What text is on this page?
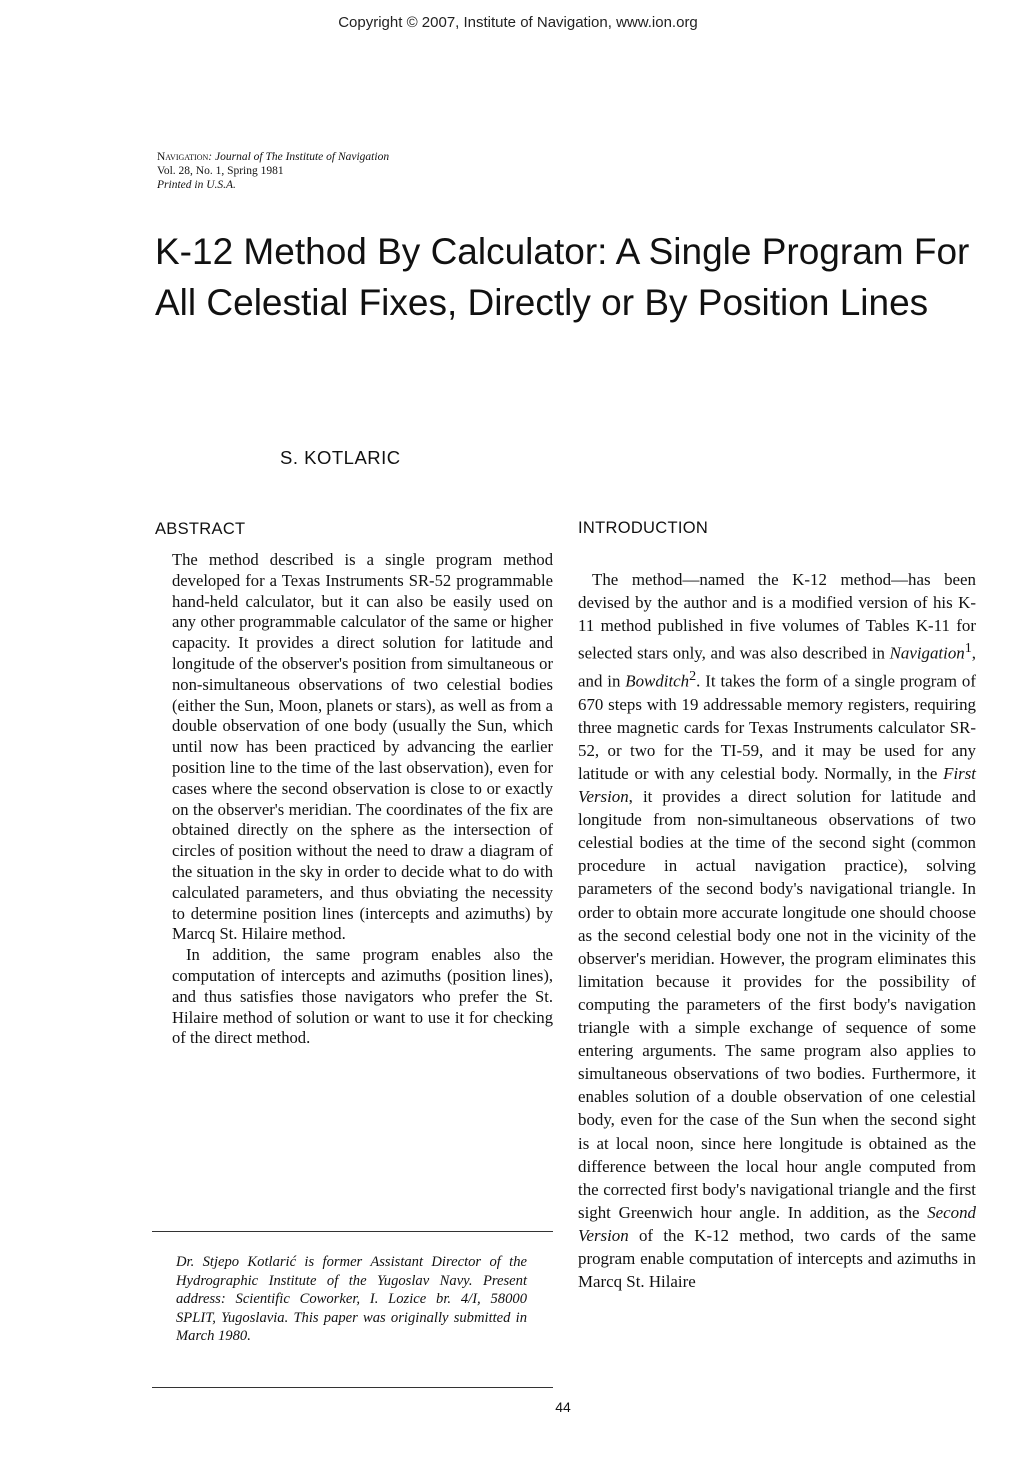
Copyright © 2007, Institute of Navigation, www.ion.org
Navigation: Journal of The Institute of Navigation
Vol. 28, No. 1, Spring 1981
Printed in U.S.A.
K-12 Method By Calculator: A Single Program For All Celestial Fixes, Directly or By Position Lines
S. KOTLARIC
ABSTRACT	INTRODUCTION

The method described is a single program method developed for a Texas Instruments SR-52 programmable hand-held calculator, but it can also be easily used on any other programmable calculator of the same or higher capacity. It provides a direct solution for latitude and longitude of the observer's position from simultaneous or non-simultaneous observations of two celestial bodies (either the Sun, Moon, planets or stars), as well as from a double observation of one body (usually the Sun, which until now has been practiced by advancing the earlier position line to the time of the last observation), even for cases where the second observation is close to or exactly on the observer's meridian. The coordinates of the fix are obtained directly on the sphere as the intersection of circles of position without the need to draw a diagram of the situation in the sky in order to decide what to do with calculated parameters, and thus obviating the necessity to determine position lines (intercepts and azimuths) by Marcq St. Hilaire method.

In addition, the same program enables also the computation of intercepts and azimuths (position lines), and thus satisfies those navigators who prefer the St. Hilaire method of solution or want to use it for checking of the direct method.

The method—named the K-12 method—has been devised by the author and is a modified version of his K-11 method published in five volumes of Tables K-11 for selected stars only, and was also described in Navigation$^1$, and in Bowditch$^2$. It takes the form of a single program of 670 steps with 19 addressable memory registers, requiring three magnetic cards for Texas Instruments calculator SR-52, or two for the TI-59, and it may be used for any latitude or with any celestial body. Normally, in the First Version, it provides a direct solution for latitude and longitude from non-simultaneous observations of two celestial bodies at the time of the second sight (common procedure in actual navigation practice), solving parameters of the second body's navigational triangle. In order to obtain more accurate longitude one should choose as the second celestial body one not in the vicinity of the observer's meridian. However, the program eliminates this limitation because it provides for the possibility of computing the parameters of the first body's navigation triangle with a simple exchange of sequence of some entering arguments. The same program also applies to simultaneous observations of two bodies. Furthermore, it enables solution of a double observation of one celestial body, even for the case of the Sun when the second sight is at local noon, since here longitude is obtained as the difference between the local hour angle computed from the corrected first body's navigational triangle and the first sight Greenwich hour angle. In addition, as the Second Version of the K-12 method, two cards of the same program enable computation of intercepts and azimuths in Marcq St. Hilaire

Dr. Stjepo Kotlarić is former Assistant Director of the Hydrographic Institute of the Yugoslav Navy. Present address: Scientific Coworker, I. Lozice br. 4/I, 58000 SPLIT, Yugoslavia. This paper was originally submitted in March 1980.
44
